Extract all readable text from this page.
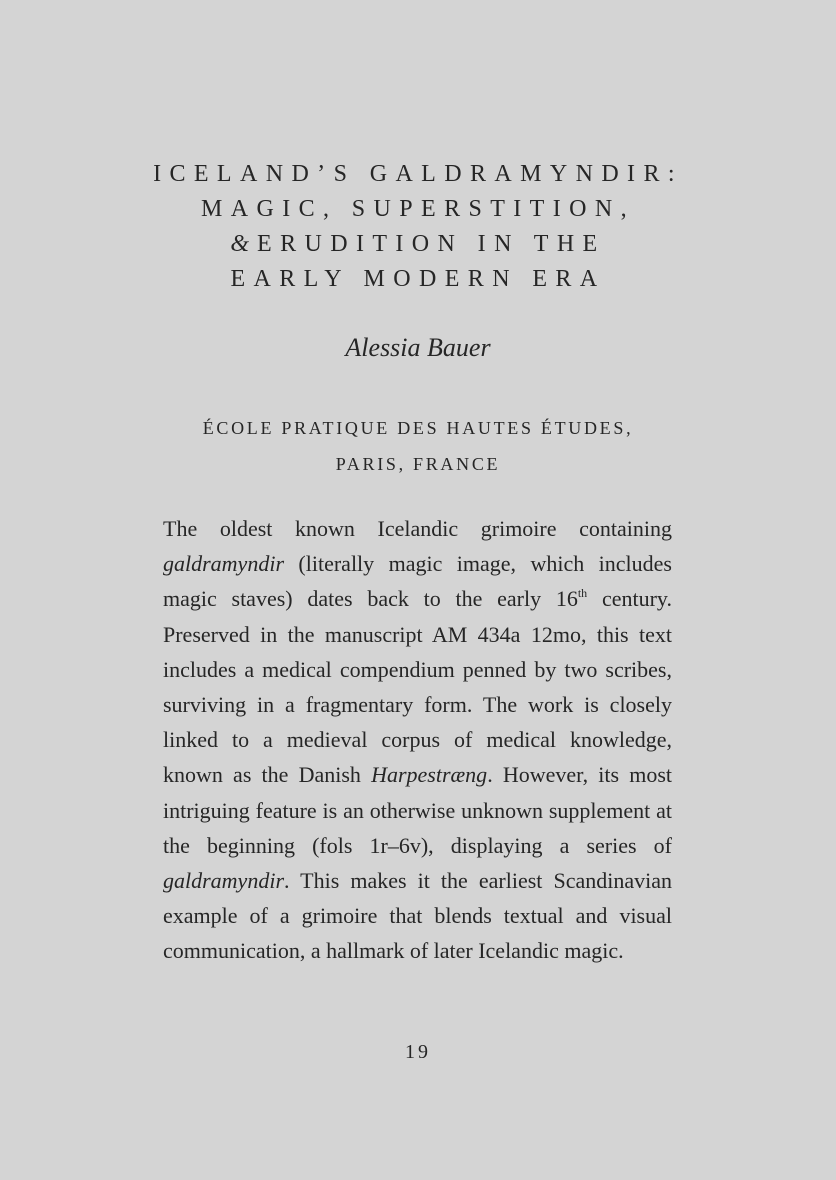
ICELAND’S GALDRAMYNDIR:
MAGIC, SUPERSTITION,
& ERUDITION IN THE
EARLY MODERN ERA
Alessia Bauer
ÉCOLE PRATIQUE DES HAUTES ÉTUDES,
PARIS, FRANCE

The oldest known Icelandic grimoire containing galdramyndir (literally magic image, which includes magic staves) dates back to the early 16th century. Preserved in the manuscript AM 434a 12mo, this text includes a medical compendium penned by two scribes, surviving in a fragmentary form. The work is closely linked to a medieval corpus of medical knowledge, known as the Danish Harpestræng. However, its most intriguing feature is an otherwise unknown supplement at the beginning (fols 1r–6v), displaying a series of galdramyndir. This makes it the earliest Scandinavian example of a grimoire that blends textual and visual communication, a hallmark of later Icelandic magic.

19
